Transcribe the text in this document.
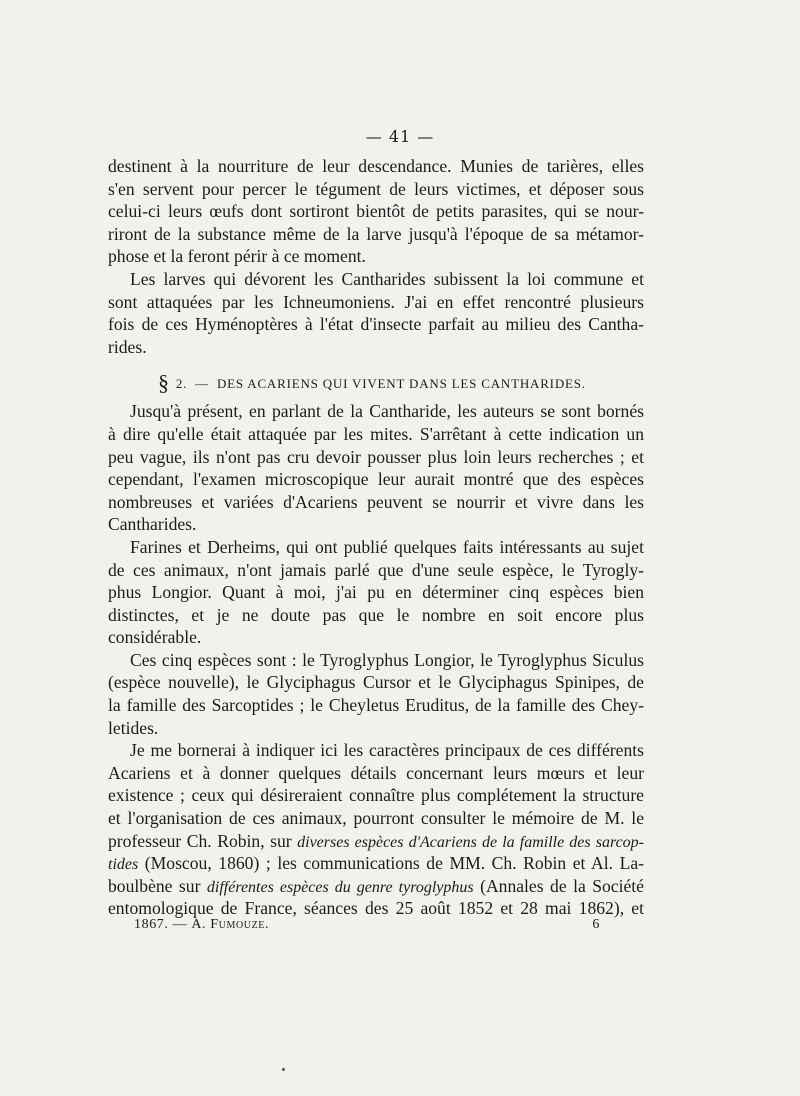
— 41 —
destinent à la nourriture de leur descendance. Munies de tarières, elles
s'en servent pour percer le tégument de leurs victimes, et déposer sous
celui-ci leurs œufs dont sortiront bientôt de petits parasites, qui se nour-
riront de la substance même de la larve jusqu'à l'époque de sa métamor-
phose et la feront périr à ce moment.
Les larves qui dévorent les Cantharides subissent la loi commune et
sont attaquées par les Ichneumoniens. J'ai en effet rencontré plusieurs
fois de ces Hyménoptères à l'état d'insecte parfait au milieu des Cantha-
rides.
§ 2. — DES ACARIENS QUI VIVENT DANS LES CANTHARIDES.
Jusqu'à présent, en parlant de la Cantharide, les auteurs se sont bornés
à dire qu'elle était attaquée par les mites. S'arrêtant à cette indication un
peu vague, ils n'ont pas cru devoir pousser plus loin leurs recherches ; et
cependant, l'examen microscopique leur aurait montré que des espèces
nombreuses et variées d'Acariens peuvent se nourrir et vivre dans les
Cantharides.
Farines et Derheims, qui ont publié quelques faits intéressants au sujet
de ces animaux, n'ont jamais parlé que d'une seule espèce, le Tyrogly-
phus Longior. Quant à moi, j'ai pu en déterminer cinq espèces bien
distinctes, et je ne doute pas que le nombre en soit encore plus
considérable.
Ces cinq espèces sont : le Tyroglyphus Longior, le Tyroglyphus Siculus
(espèce nouvelle), le Glyciphagus Cursor et le Glyciphagus Spinipes, de
la famille des Sarcoptides ; le Cheyletus Eruditus, de la famille des Chey-
letides.
Je me bornerai à indiquer ici les caractères principaux de ces différents
Acariens et à donner quelques détails concernant leurs mœurs et leur
existence ; ceux qui désireraient connaître plus complétement la structure
et l'organisation de ces animaux, pourront consulter le mémoire de M. le
professeur Ch. Robin, sur diverses espèces d'Acariens de la famille des sarcop-
tides (Moscou, 1860) ; les communications de MM. Ch. Robin et Al. La-
boulbène sur différentes espèces du genre tyroglyphus (Annales de la Société
entomologique de France, séances des 25 août 1852 et 28 mai 1862), et
1867. — A. Fumouze.	6
